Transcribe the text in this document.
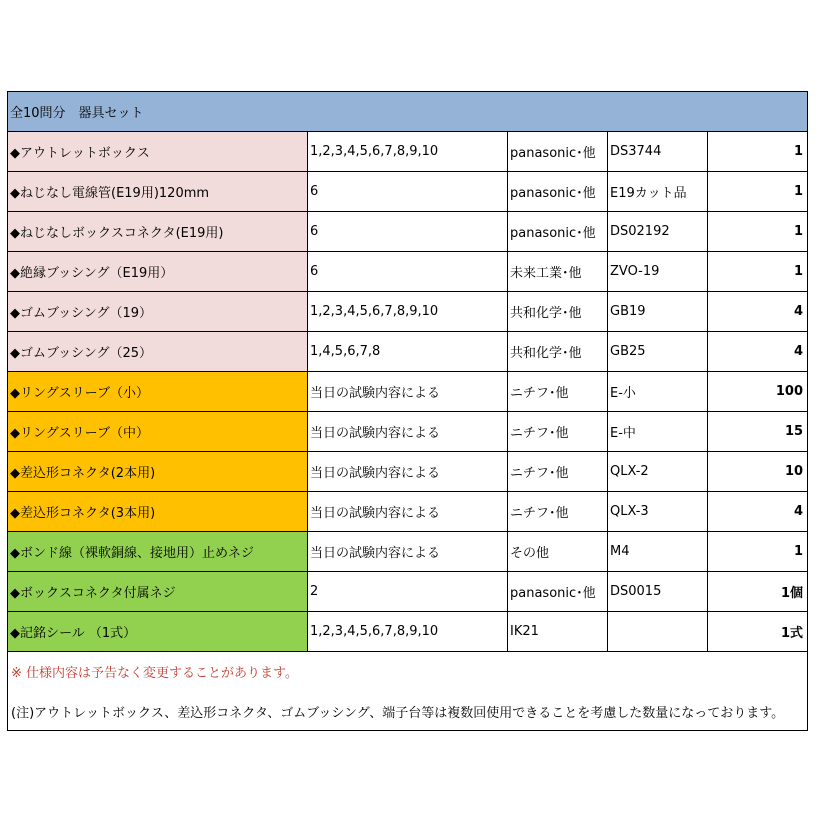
全10問分　器具セット				
◆アウトレットボックス	1,2,3,4,5,6,7,8,9,10	panasonic･他	DS3744	1
◆ねじなし電線管(E19用)120mm	6	panasonic･他	E19カット品	1
◆ねじなしボックスコネクタ(E19用)	6	panasonic･他	DS02192	1
◆絶縁ブッシング（E19用）	6	未来工業･他	ZVO-19	1
◆ゴムブッシング（19）	1,2,3,4,5,6,7,8,9,10	共和化学･他	GB19	4
◆ゴムブッシング（25）	1,4,5,6,7,8	共和化学･他	GB25	4
◆リングスリーブ（小）	当日の試験内容による	ニチフ･他	E-小	100
◆リングスリーブ（中）	当日の試験内容による	ニチフ･他	E-中	15
◆差込形コネクタ(2本用)	当日の試験内容による	ニチフ･他	QLX-2	10
◆差込形コネクタ(3本用)	当日の試験内容による	ニチフ･他	QLX-3	4
◆ボンド線（裸軟銅線、接地用）止めネジ	当日の試験内容による	その他	M4	1
◆ボックスコネクタ付属ネジ	2	panasonic･他	DS0015	1個
◆記銘シール （1式）	1,2,3,4,5,6,7,8,9,10	IK21		1式

※ 仕様内容は予告なく変更することがあります。
(注)アウトレットボックス、差込形コネクタ、ゴムブッシング、端子台等は複数回使用できることを考慮した数量になっております。				
